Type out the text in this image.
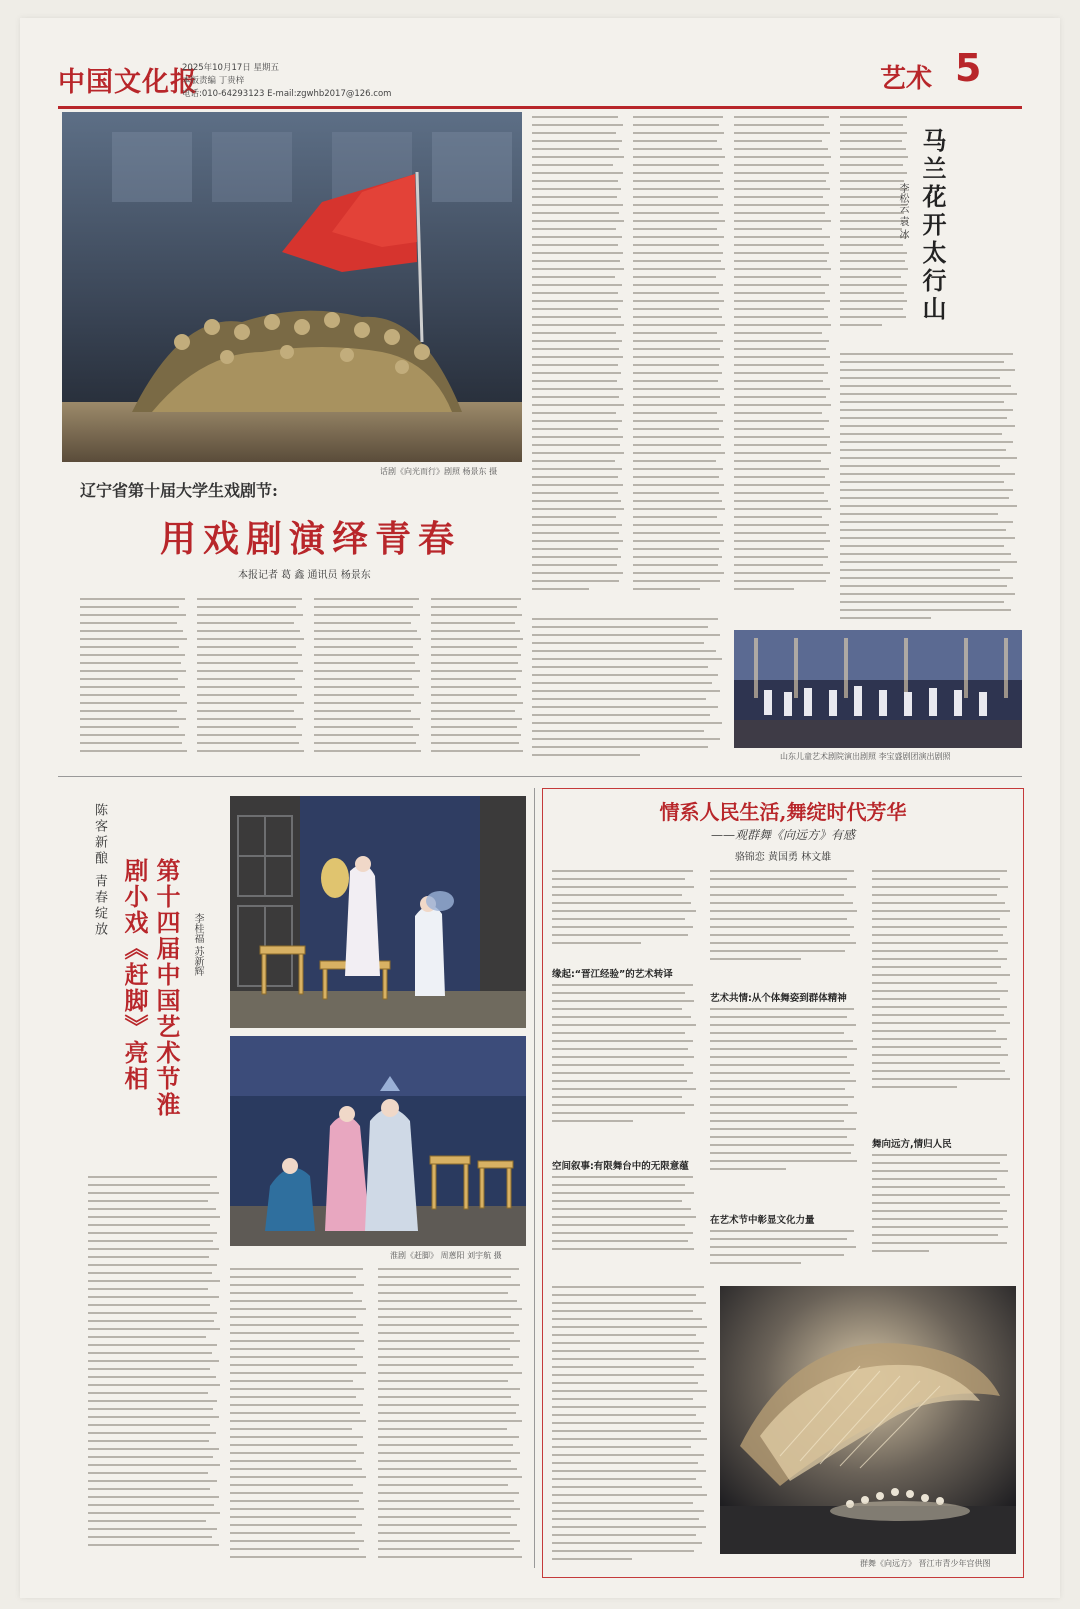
中国文化报
2025年10月17日 星期五
本版责编 丁贵梓
电话:010-64293123 E-mail:zgwhb2017@126.com	艺术 5
话剧《向光而行》剧照 杨景东 摄
马兰花开太行山
李松云 袁 冰
山东儿童艺术剧院演出剧照 李宝盛剧团演出剧照
辽宁省第十届大学生戏剧节:
用戏剧演绎青春
本报记者 葛 鑫 通讯员 杨景东
陈客新酿 青春绽放	第十四届中国艺术节淮剧小戏《赶脚》亮相	李桂福 苏新辉
淮剧《赶脚》 周蒽阳 刘宇航 摄
情系人民生活,舞绽时代芳华
——观群舞《向远方》有感
骆锦恋 黄国勇 林文雄
缘起:“晋江经验”的艺术转译
空间叙事:有限舞台中的无限意蕴
艺术共情:从个体舞姿到群体精神
在艺术节中彰显文化力量
舞向远方,情归人民
群舞《向远方》 晋江市青少年宫供图
